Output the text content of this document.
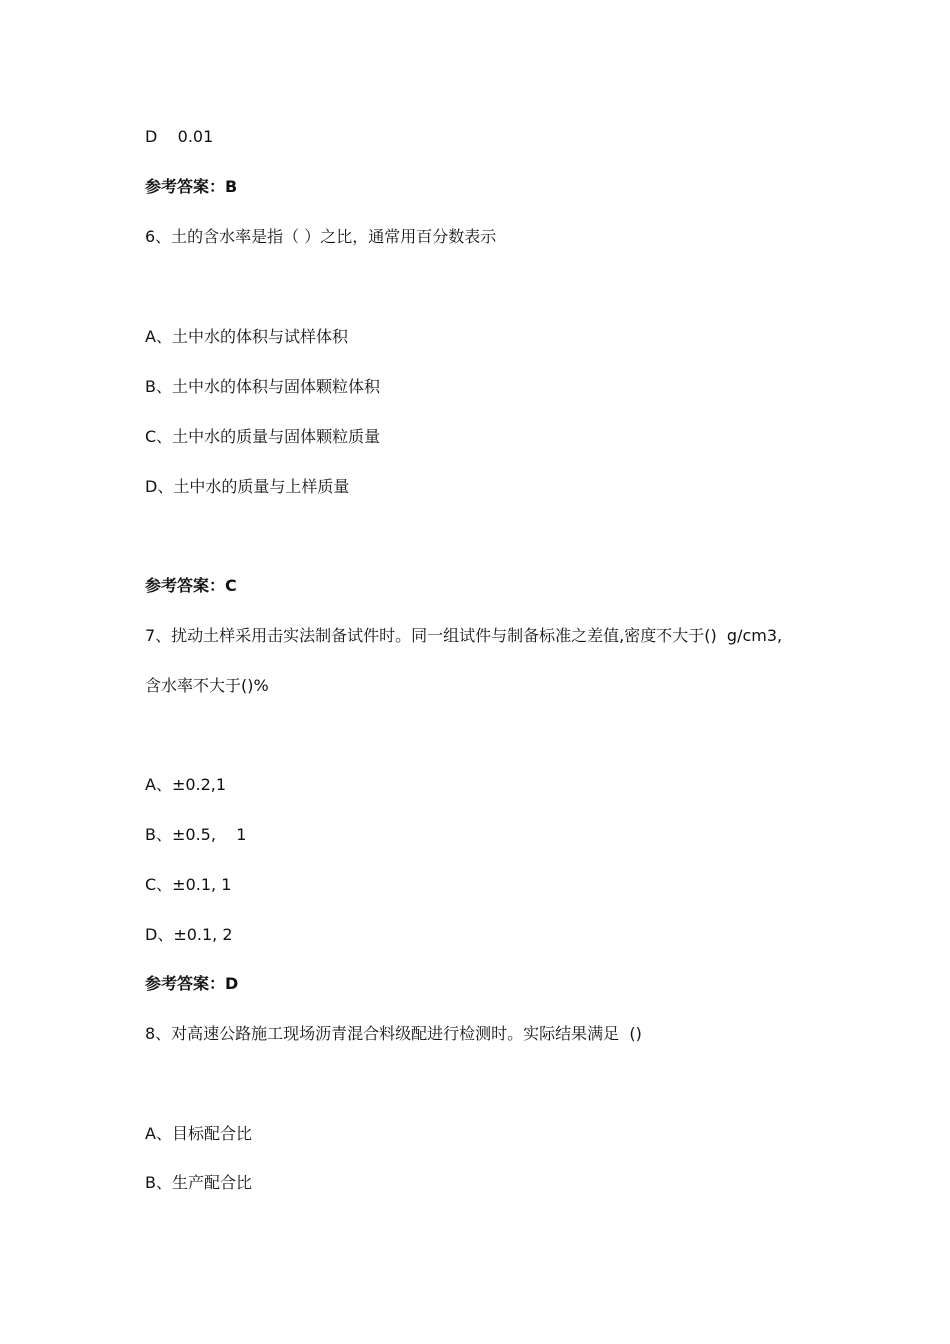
D    0.01
参考答案：B
6、土的含水率是指（ ）之比，通常用百分数表示
A、土中水的体积与试样体积
B、土中水的体积与固体颗粒体积
C、土中水的质量与固体颗粒质量
D、土中水的质量与上样质量
参考答案：C
7、扰动土样采用击实法制备试件时。同一组试件与制备标准之差值,密度不大于()  g/cm3,
含水率不大于()%
A、±0.2,1
B、±0.5,    1
C、±0.1, 1
D、±0.1, 2
参考答案：D
8、对高速公路施工现场沥青混合料级配进行检测时。实际结果满足  ()
A、目标配合比
B、生产配合比
